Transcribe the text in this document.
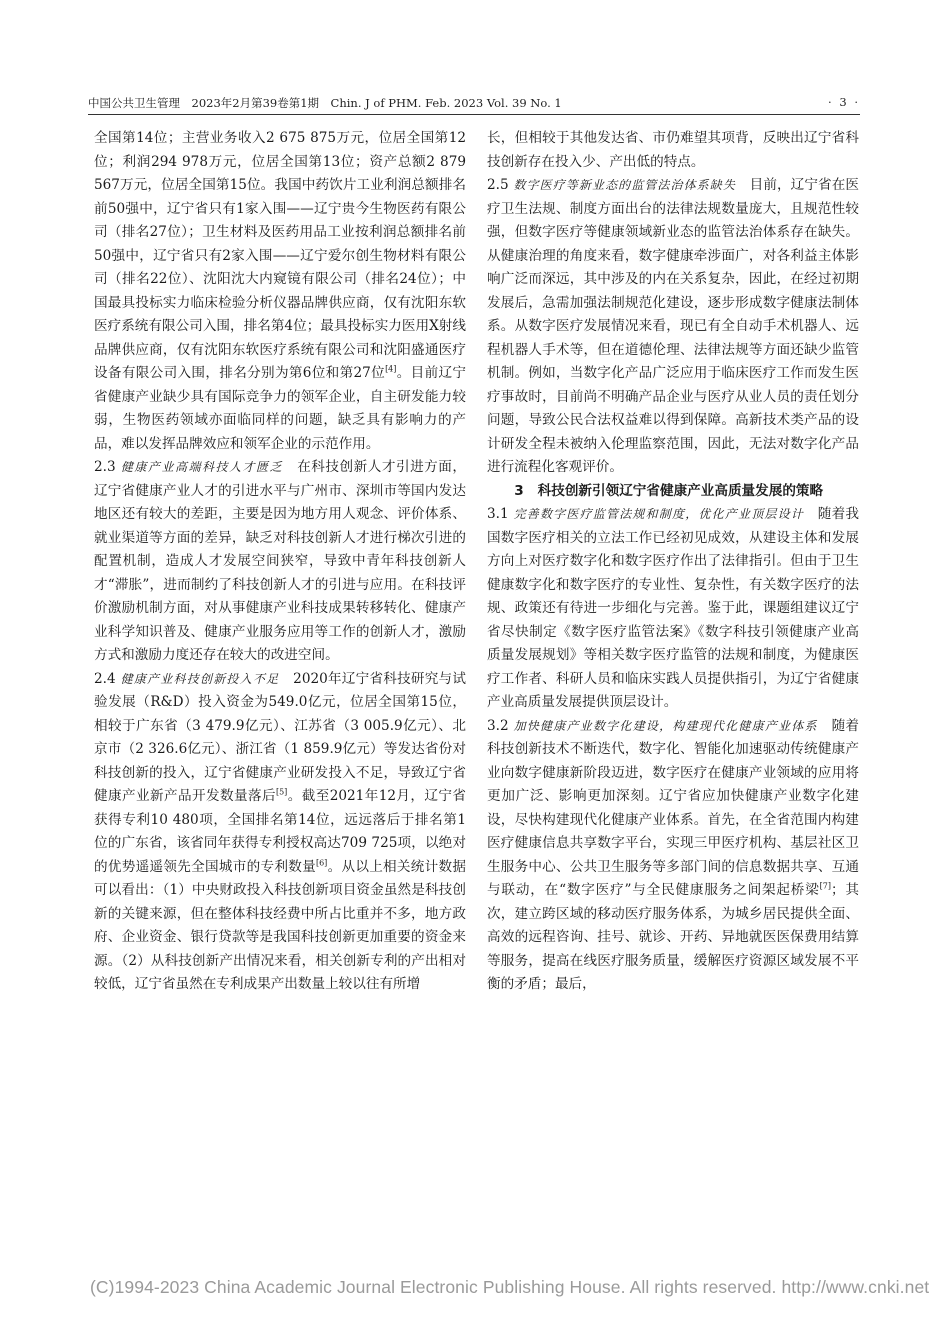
中国公共卫生管理　2023年2月第39卷第1期　Chin. J of PHM. Feb. 2023 Vol. 39 No. 1	· 3 ·

全国第14位；主营业务收入2 675 875万元，位居全国第12位；利润294 978万元，位居全国第13位；资产总额2 879 567万元，位居全国第15位。我国中药饮片工业利润总额排名前50强中，辽宁省只有1家入围——辽宁贵今生物医药有限公司（排名27位）；卫生材料及医药用品工业按利润总额排名前50强中，辽宁省只有2家入围——辽宁爱尔创生物材料有限公司（排名22位）、沈阳沈大内窥镜有限公司（排名24位）；中国最具投标实力临床检验分析仪器品牌供应商，仅有沈阳东软医疗系统有限公司入围，排名第4位；最具投标实力医用X射线品牌供应商，仅有沈阳东软医疗系统有限公司和沈阳盛通医疗设备有限公司入围，排名分别为第6位和第27位[4]。目前辽宁省健康产业缺少具有国际竞争力的领军企业，自主研发能力较弱，生物医药领域亦面临同样的问题，缺乏具有影响力的产品，难以发挥品牌效应和领军企业的示范作用。

2.3 健康产业高端科技人才匮乏　在科技创新人才引进方面，辽宁省健康产业人才的引进水平与广州市、深圳市等国内发达地区还有较大的差距，主要是因为地方用人观念、评价体系、就业渠道等方面的差异，缺乏对科技创新人才进行梯次引进的配置机制，造成人才发展空间狭窄，导致中青年科技创新人才“滞胀”，进而制约了科技创新人才的引进与应用。在科技评价激励机制方面，对从事健康产业科技成果转移转化、健康产业科学知识普及、健康产业服务应用等工作的创新人才，激励方式和激励力度还存在较大的改进空间。

2.4 健康产业科技创新投入不足　2020年辽宁省科技研究与试验发展（R&D）投入资金为549.0亿元，位居全国第15位，相较于广东省（3 479.9亿元）、江苏省（3 005.9亿元）、北京市（2 326.6亿元）、浙江省（1 859.9亿元）等发达省份对科技创新的投入，辽宁省健康产业研发投入不足，导致辽宁省健康产业新产品开发数量落后[5]。截至2021年12月，辽宁省获得专利10 480项，全国排名第14位，远远落后于排名第1位的广东省，该省同年获得专利授权高达709 725项，以绝对的优势遥遥领先全国城市的专利数量[6]。从以上相关统计数据可以看出：（1）中央财政投入科技创新项目资金虽然是科技创新的关键来源，但在整体科技经费中所占比重并不多，地方政府、企业资金、银行贷款等是我国科技创新更加重要的资金来源。（2）从科技创新产出情况来看，相关创新专利的产出相对较低，辽宁省虽然在专利成果产出数量上较以往有所增

长，但相较于其他发达省、市仍难望其项背，反映出辽宁省科技创新存在投入少、产出低的特点。

2.5 数字医疗等新业态的监管法治体系缺失　目前，辽宁省在医疗卫生法规、制度方面出台的法律法规数量庞大，且规范性较强，但数字医疗等健康领域新业态的监管法治体系存在缺失。从健康治理的角度来看，数字健康牵涉面广，对各利益主体影响广泛而深远，其中涉及的内在关系复杂，因此，在经过初期发展后，急需加强法制规范化建设，逐步形成数字健康法制体系。从数字医疗发展情况来看，现已有全自动手术机器人、远程机器人手术等，但在道德伦理、法律法规等方面还缺少监管机制。例如，当数字化产品广泛应用于临床医疗工作而发生医疗事故时，目前尚不明确产品企业与医疗从业人员的责任划分问题，导致公民合法权益难以得到保障。高新技术类产品的设计研发全程未被纳入伦理监察范围，因此，无法对数字化产品进行流程化客观评价。

3 科技创新引领辽宁省健康产业高质量发展的策略

3.1 完善数字医疗监管法规和制度，优化产业顶层设计　随着我国数字医疗相关的立法工作已经初见成效，从建设主体和发展方向上对医疗数字化和数字医疗作出了法律指引。但由于卫生健康数字化和数字医疗的专业性、复杂性，有关数字医疗的法规、政策还有待进一步细化与完善。鉴于此，课题组建议辽宁省尽快制定《数字医疗监管法案》《数字科技引领健康产业高质量发展规划》等相关数字医疗监管的法规和制度，为健康医疗工作者、科研人员和临床实践人员提供指引，为辽宁省健康产业高质量发展提供顶层设计。

3.2 加快健康产业数字化建设，构建现代化健康产业体系　随着科技创新技术不断迭代，数字化、智能化加速驱动传统健康产业向数字健康新阶段迈进，数字医疗在健康产业领域的应用将更加广泛、影响更加深刻。辽宁省应加快健康产业数字化建设，尽快构建现代化健康产业体系。首先，在全省范围内构建医疗健康信息共享数字平台，实现三甲医疗机构、基层社区卫生服务中心、公共卫生服务等多部门间的信息数据共享、互通与联动，在“数字医疗”与全民健康服务之间架起桥梁[7]；其次，建立跨区域的移动医疗服务体系，为城乡居民提供全面、高效的远程咨询、挂号、就诊、开药、异地就医医保费用结算等服务，提高在线医疗服务质量，缓解医疗资源区域发展不平衡的矛盾；最后，

(C)1994-2023 China Academic Journal Electronic Publishing House. All rights reserved. http://www.cnki.net
